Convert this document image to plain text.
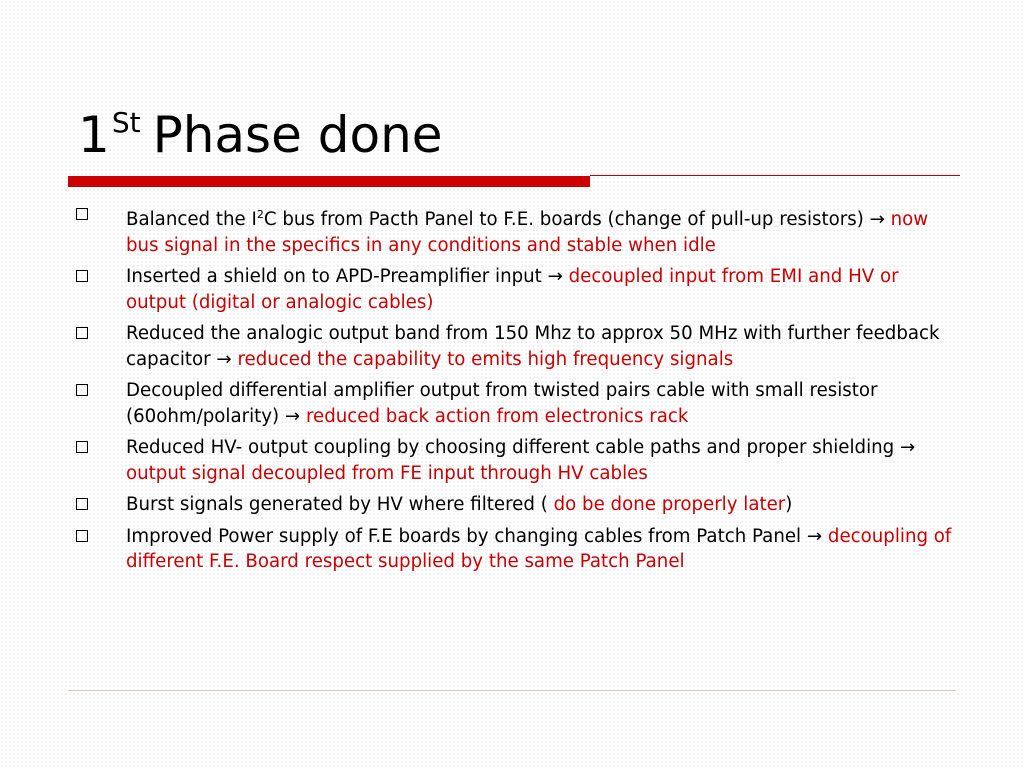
1St Phase done
Balanced the $I^2C$ bus from Pacth Panel to F.E. boards (change of pull-up resistors) → now bus signal in the specifics in any conditions and stable when idle
Inserted a shield on to APD-Preamplifier input → decoupled input from EMI and HV or output (digital or analogic cables)
Reduced the analogic output band from 150 Mhz to approx 50 MHz with further feedback capacitor → reduced the capability to emits high frequency signals
Decoupled differential amplifier output from twisted pairs cable with small resistor (60ohm/polarity) → reduced back action from electronics rack
Reduced HV- output coupling by choosing different cable paths and proper shielding → output signal decoupled from FE input through HV cables
Burst signals generated by HV where filtered ( do be done properly later)
Improved Power supply of F.E boards by changing cables from Patch Panel → decoupling of different F.E. Board respect supplied by the same Patch Panel
